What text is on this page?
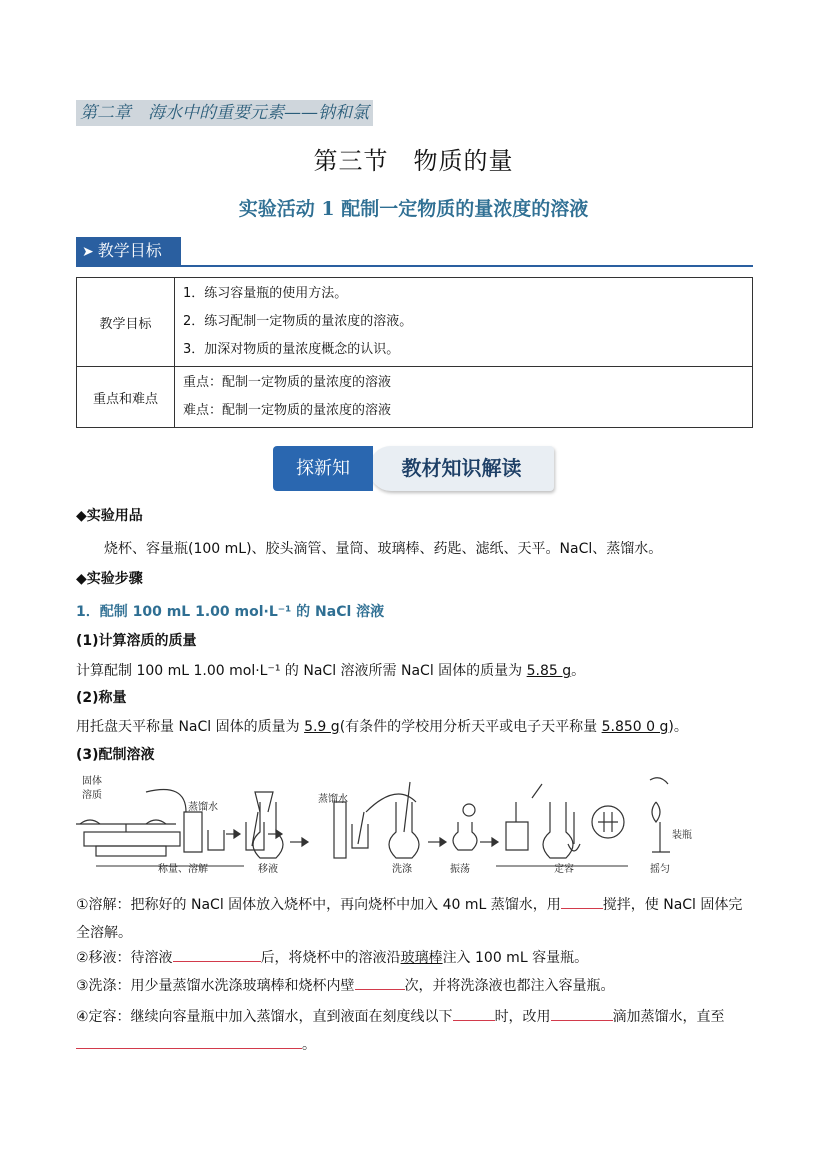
第二章　海水中的重要元素——钠和氯
第三节　物质的量
实验活动 1 配制一定物质的量浓度的溶液
➤ 教学目标
教学目标	1．练习容量瓶的使用方法。
2．练习配制一定物质的量浓度的溶液。
3．加深对物质的量浓度概念的认识。

重点和难点	重点：配制一定物质的量浓度的溶液
难点：配制一定物质的量浓度的溶液
教材知识解读
探新知
◆实验用品
烧杯、容量瓶(100 mL)、胶头滴管、量筒、玻璃棒、药匙、滤纸、天平。NaCl、蒸馏水。
◆实验步骤
1．配制 100 mL 1.00 mol·L⁻¹ 的 NaCl 溶液
(1)计算溶质的质量
计算配制 100 mL 1.00 mol·L⁻¹ 的 NaCl 溶液所需 NaCl 固体的质量为 5.85 g。
(2)称量
用托盘天平称量 NaCl 固体的质量为 5.9 g(有条件的学校用分析天平或电子天平称量 5.850 0 g)。
(3)配制溶液
固体
溶质
蒸馏水
蒸馏水
称量、溶解	移液	洗涤	振荡	定容	摇匀
装瓶
①溶解：把称好的 NaCl 固体放入烧杯中，再向烧杯中加入 40 mL 蒸馏水，用	搅拌，使 NaCl 固体完
全溶解。
②移液：待溶液	后，将烧杯中的溶液沿玻璃棒注入 100 mL 容量瓶。
③洗涤：用少量蒸馏水洗涤玻璃棒和烧杯内壁	次，并将洗涤液也都注入容量瓶。
④定容：继续向容量瓶中加入蒸馏水，直到液面在刻度线以下	时，改用	滴加蒸馏水，直至
。
